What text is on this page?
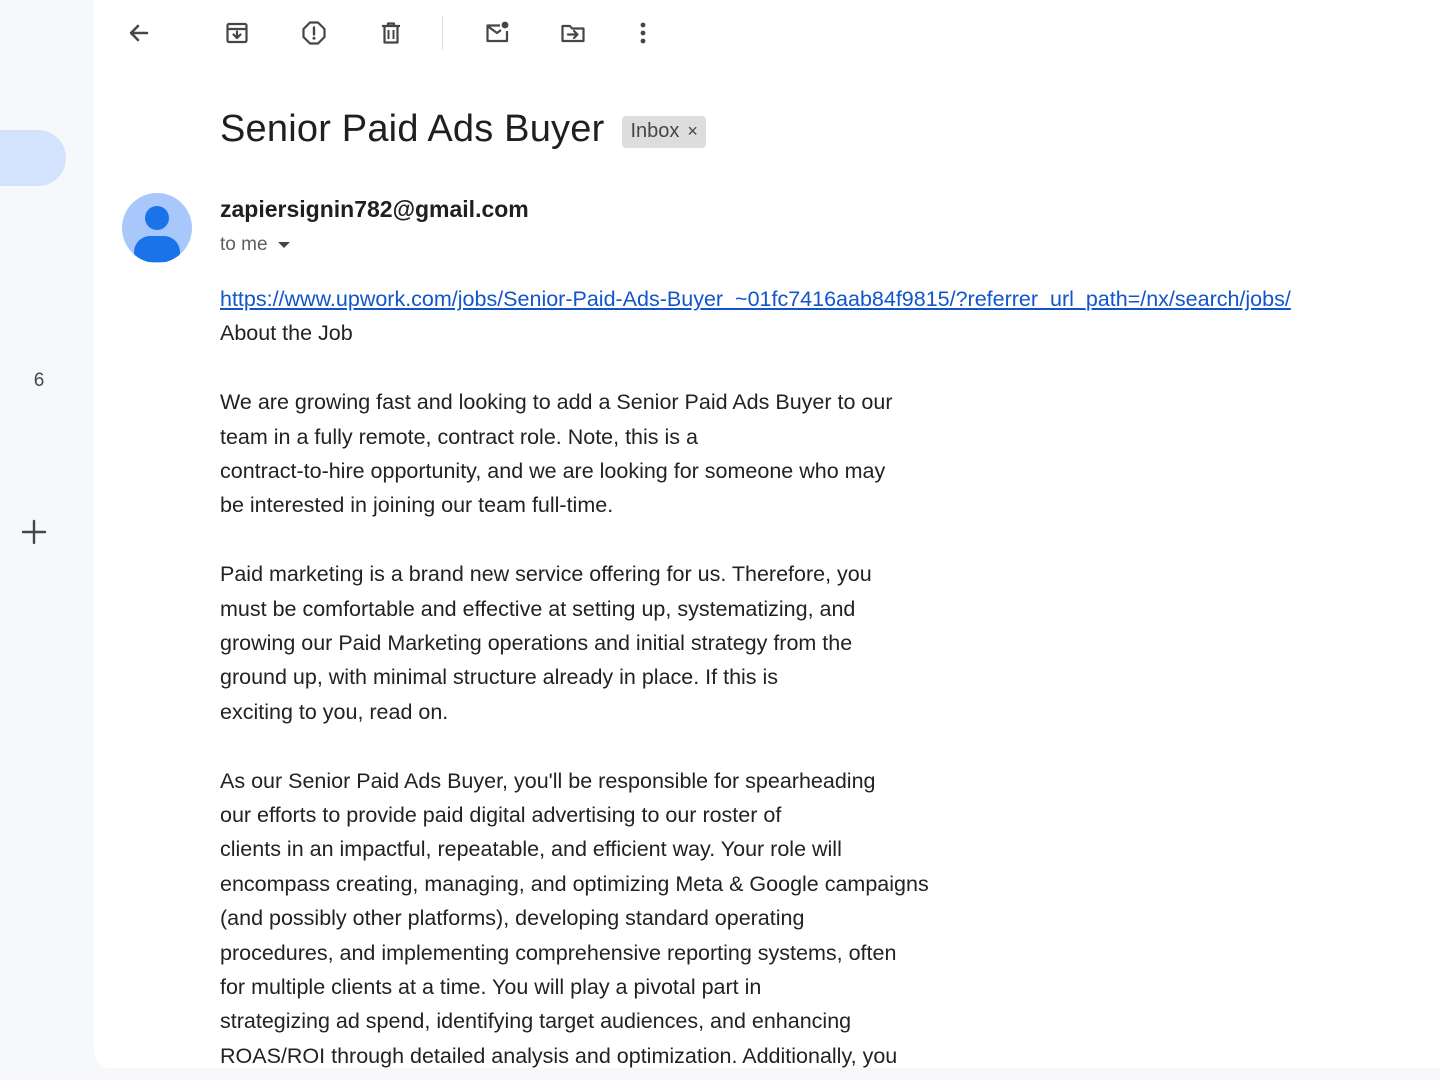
6
Senior Paid Ads Buyer Inbox ×
zapiersignin782@gmail.com
to me
https://www.upwork.com/jobs/Senior-Paid-Ads-Buyer_~01fc7416aab84f9815/?referrer_url_path=/nx/search/jobs/
About the Job
We are growing fast and looking to add a Senior Paid Ads Buyer to our
team in a fully remote, contract role. Note, this is a
contract-to-hire opportunity, and we are looking for someone who may
be interested in joining our team full-time.
Paid marketing is a brand new service offering for us. Therefore, you
must be comfortable and effective at setting up, systematizing, and
growing our Paid Marketing operations and initial strategy from the
ground up, with minimal structure already in place. If this is
exciting to you, read on.
As our Senior Paid Ads Buyer, you'll be responsible for spearheading
our efforts to provide paid digital advertising to our roster of
clients in an impactful, repeatable, and efficient way. Your role will
encompass creating, managing, and optimizing Meta & Google campaigns
(and possibly other platforms), developing standard operating
procedures, and implementing comprehensive reporting systems, often
for multiple clients at a time. You will play a pivotal part in
strategizing ad spend, identifying target audiences, and enhancing
ROAS/ROI through detailed analysis and optimization. Additionally, you
